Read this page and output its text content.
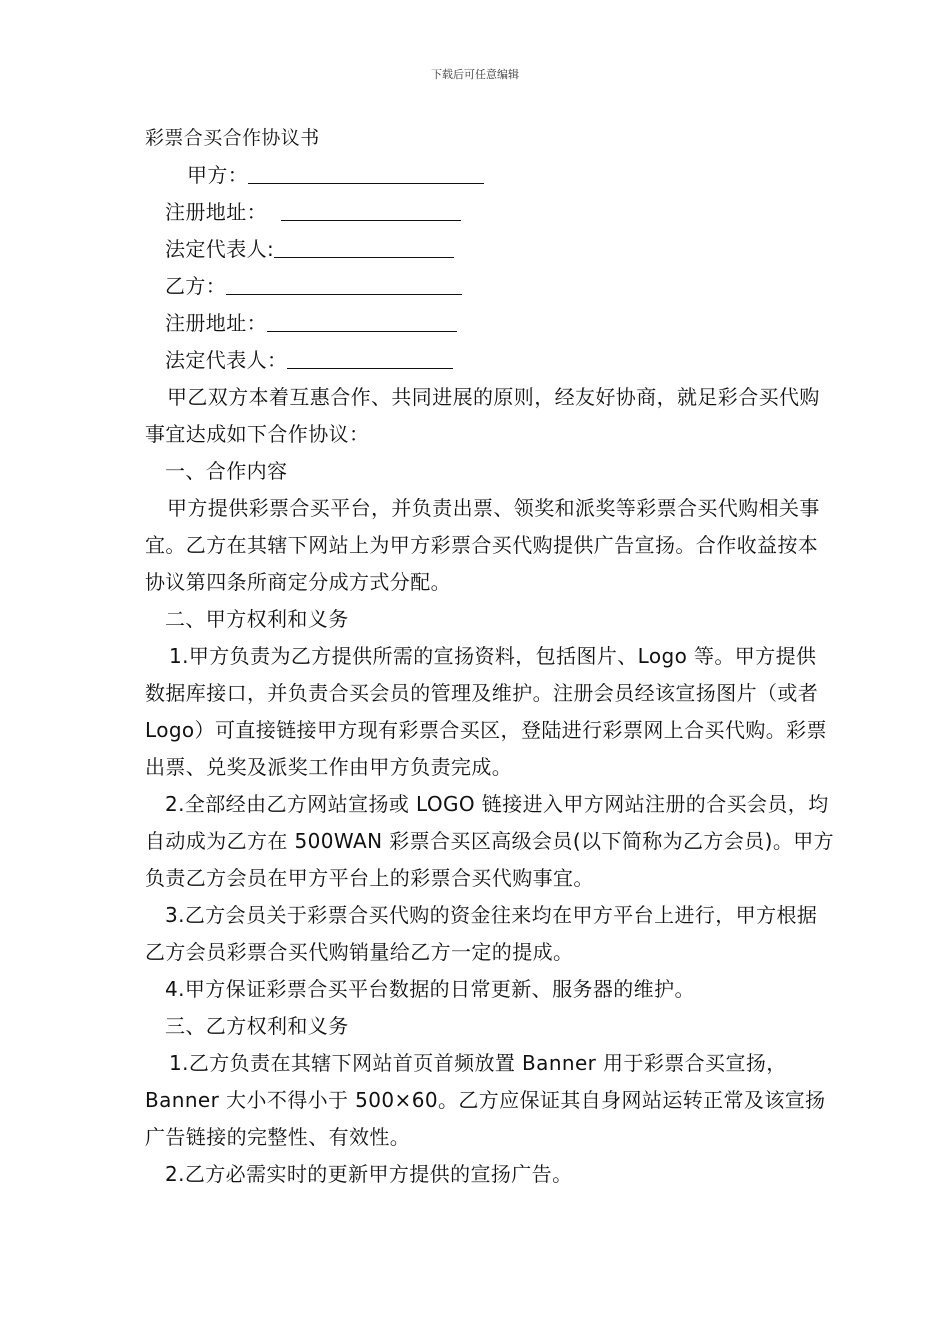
下载后可任意编辑

彩票合买合作协议书

甲方：

注册地址：

法定代表人:

乙方：

注册地址：

法定代表人：

甲乙双方本着互惠合作、共同进展的原则，经友好协商，就足彩合买代购事宜达成如下合作协议：

一、合作内容

甲方提供彩票合买平台，并负责出票、领奖和派奖等彩票合买代购相关事宜。乙方在其辖下网站上为甲方彩票合买代购提供广告宣扬。合作收益按本协议第四条所商定分成方式分配。

二、甲方权利和义务

1.甲方负责为乙方提供所需的宣扬资料，包括图片、Logo 等。甲方提供数据库接口，并负责合买会员的管理及维护。注册会员经该宣扬图片（或者 Logo）可直接链接甲方现有彩票合买区，登陆进行彩票网上合买代购。彩票出票、兑奖及派奖工作由甲方负责完成。

2.全部经由乙方网站宣扬或 LOGO 链接进入甲方网站注册的合买会员，均自动成为乙方在 500WAN 彩票合买区高级会员(以下简称为乙方会员)。甲方负责乙方会员在甲方平台上的彩票合买代购事宜。

3.乙方会员关于彩票合买代购的资金往来均在甲方平台上进行，甲方根据乙方会员彩票合买代购销量给乙方一定的提成。

4.甲方保证彩票合买平台数据的日常更新、服务器的维护。

三、乙方权利和义务

1.乙方负责在其辖下网站首页首频放置 Banner 用于彩票合买宣扬，Banner 大小不得小于 500×60。乙方应保证其自身网站运转正常及该宣扬广告链接的完整性、有效性。

2.乙方必需实时的更新甲方提供的宣扬广告。
